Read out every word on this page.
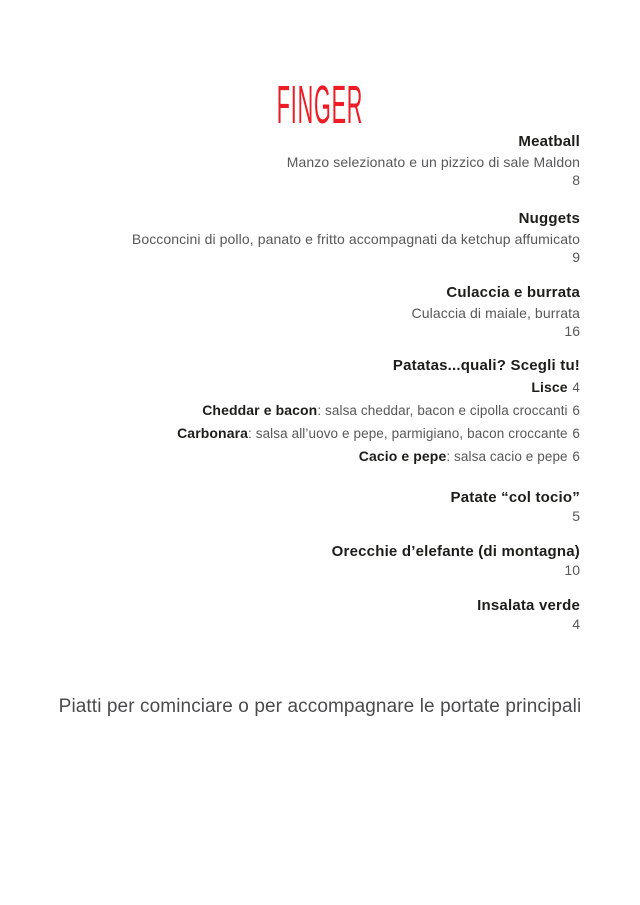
FINGER
Meatball
Manzo selezionato e un pizzico di sale Maldon
8
Nuggets
Bocconcini di pollo, panato e fritto accompagnati da ketchup affumicato
9
Culaccia e burrata
Culaccia di maiale, burrata
16
Patatas...quali? Scegli tu!
Lisce 4
Cheddar e bacon: salsa cheddar, bacon e cipolla croccanti 6
Carbonara: salsa all’uovo e pepe, parmigiano, bacon croccante 6
Cacio e pepe: salsa cacio e pepe 6
Patate “col tocio”
5
Orecchie d’elefante (di montagna)
10
Insalata verde
4
Piatti per cominciare o per accompagnare le portate principali
